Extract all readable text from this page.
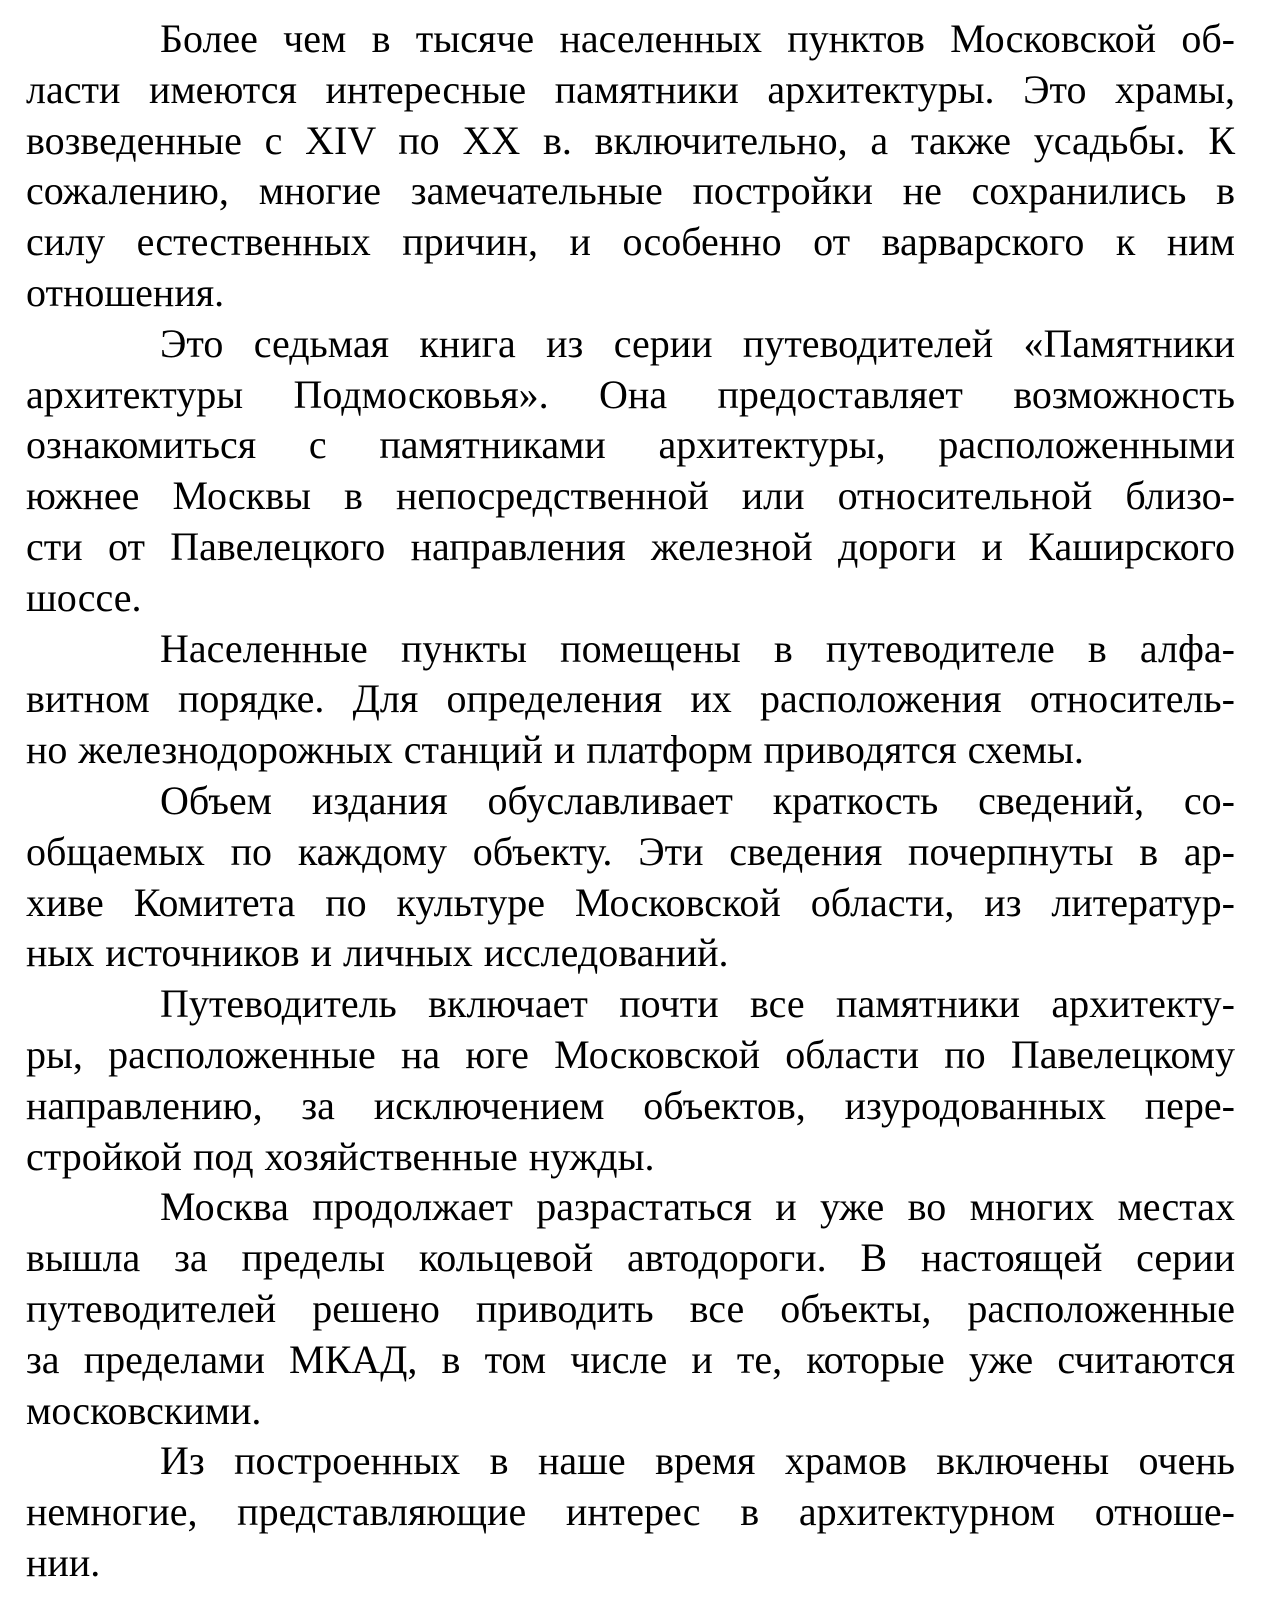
Более чем в тысяче населенных пунктов Московской об-
ласти имеются интересные памятники архитектуры. Это храмы,
возведенные с XIV по XX в. включительно, а также усадьбы. К
сожалению, многие замечательные постройки не сохранились в
силу естественных причин, и особенно от варварского к ним
отношения.
Это седьмая книга из серии путеводителей «Памятники
архитектуры Подмосковья». Она предоставляет возможность
ознакомиться с памятниками архитектуры, расположенными
южнее Москвы в непосредственной или относительной близо-
сти от Павелецкого направления железной дороги и Каширского
шоссе.
Населенные пункты помещены в путеводителе в алфа-
витном порядке. Для определения их расположения относитель-
но железнодорожных станций и платформ приводятся схемы.
Объем издания обуславливает краткость сведений, со-
общаемых по каждому объекту. Эти сведения почерпнуты в ар-
хиве Комитета по культуре Московской области, из литератур-
ных источников и личных исследований.
Путеводитель включает почти все памятники архитекту-
ры, расположенные на юге Московской области по Павелецкому
направлению, за исключением объектов, изуродованных пере-
стройкой под хозяйственные нужды.
Москва продолжает разрастаться и уже во многих местах
вышла за пределы кольцевой автодороги. В настоящей серии
путеводителей решено приводить все объекты, расположенные
за пределами МКАД, в том числе и те, которые уже считаются
московскими.
Из построенных в наше время храмов включены очень
немногие, представляющие интерес в архитектурном отноше-
нии.
